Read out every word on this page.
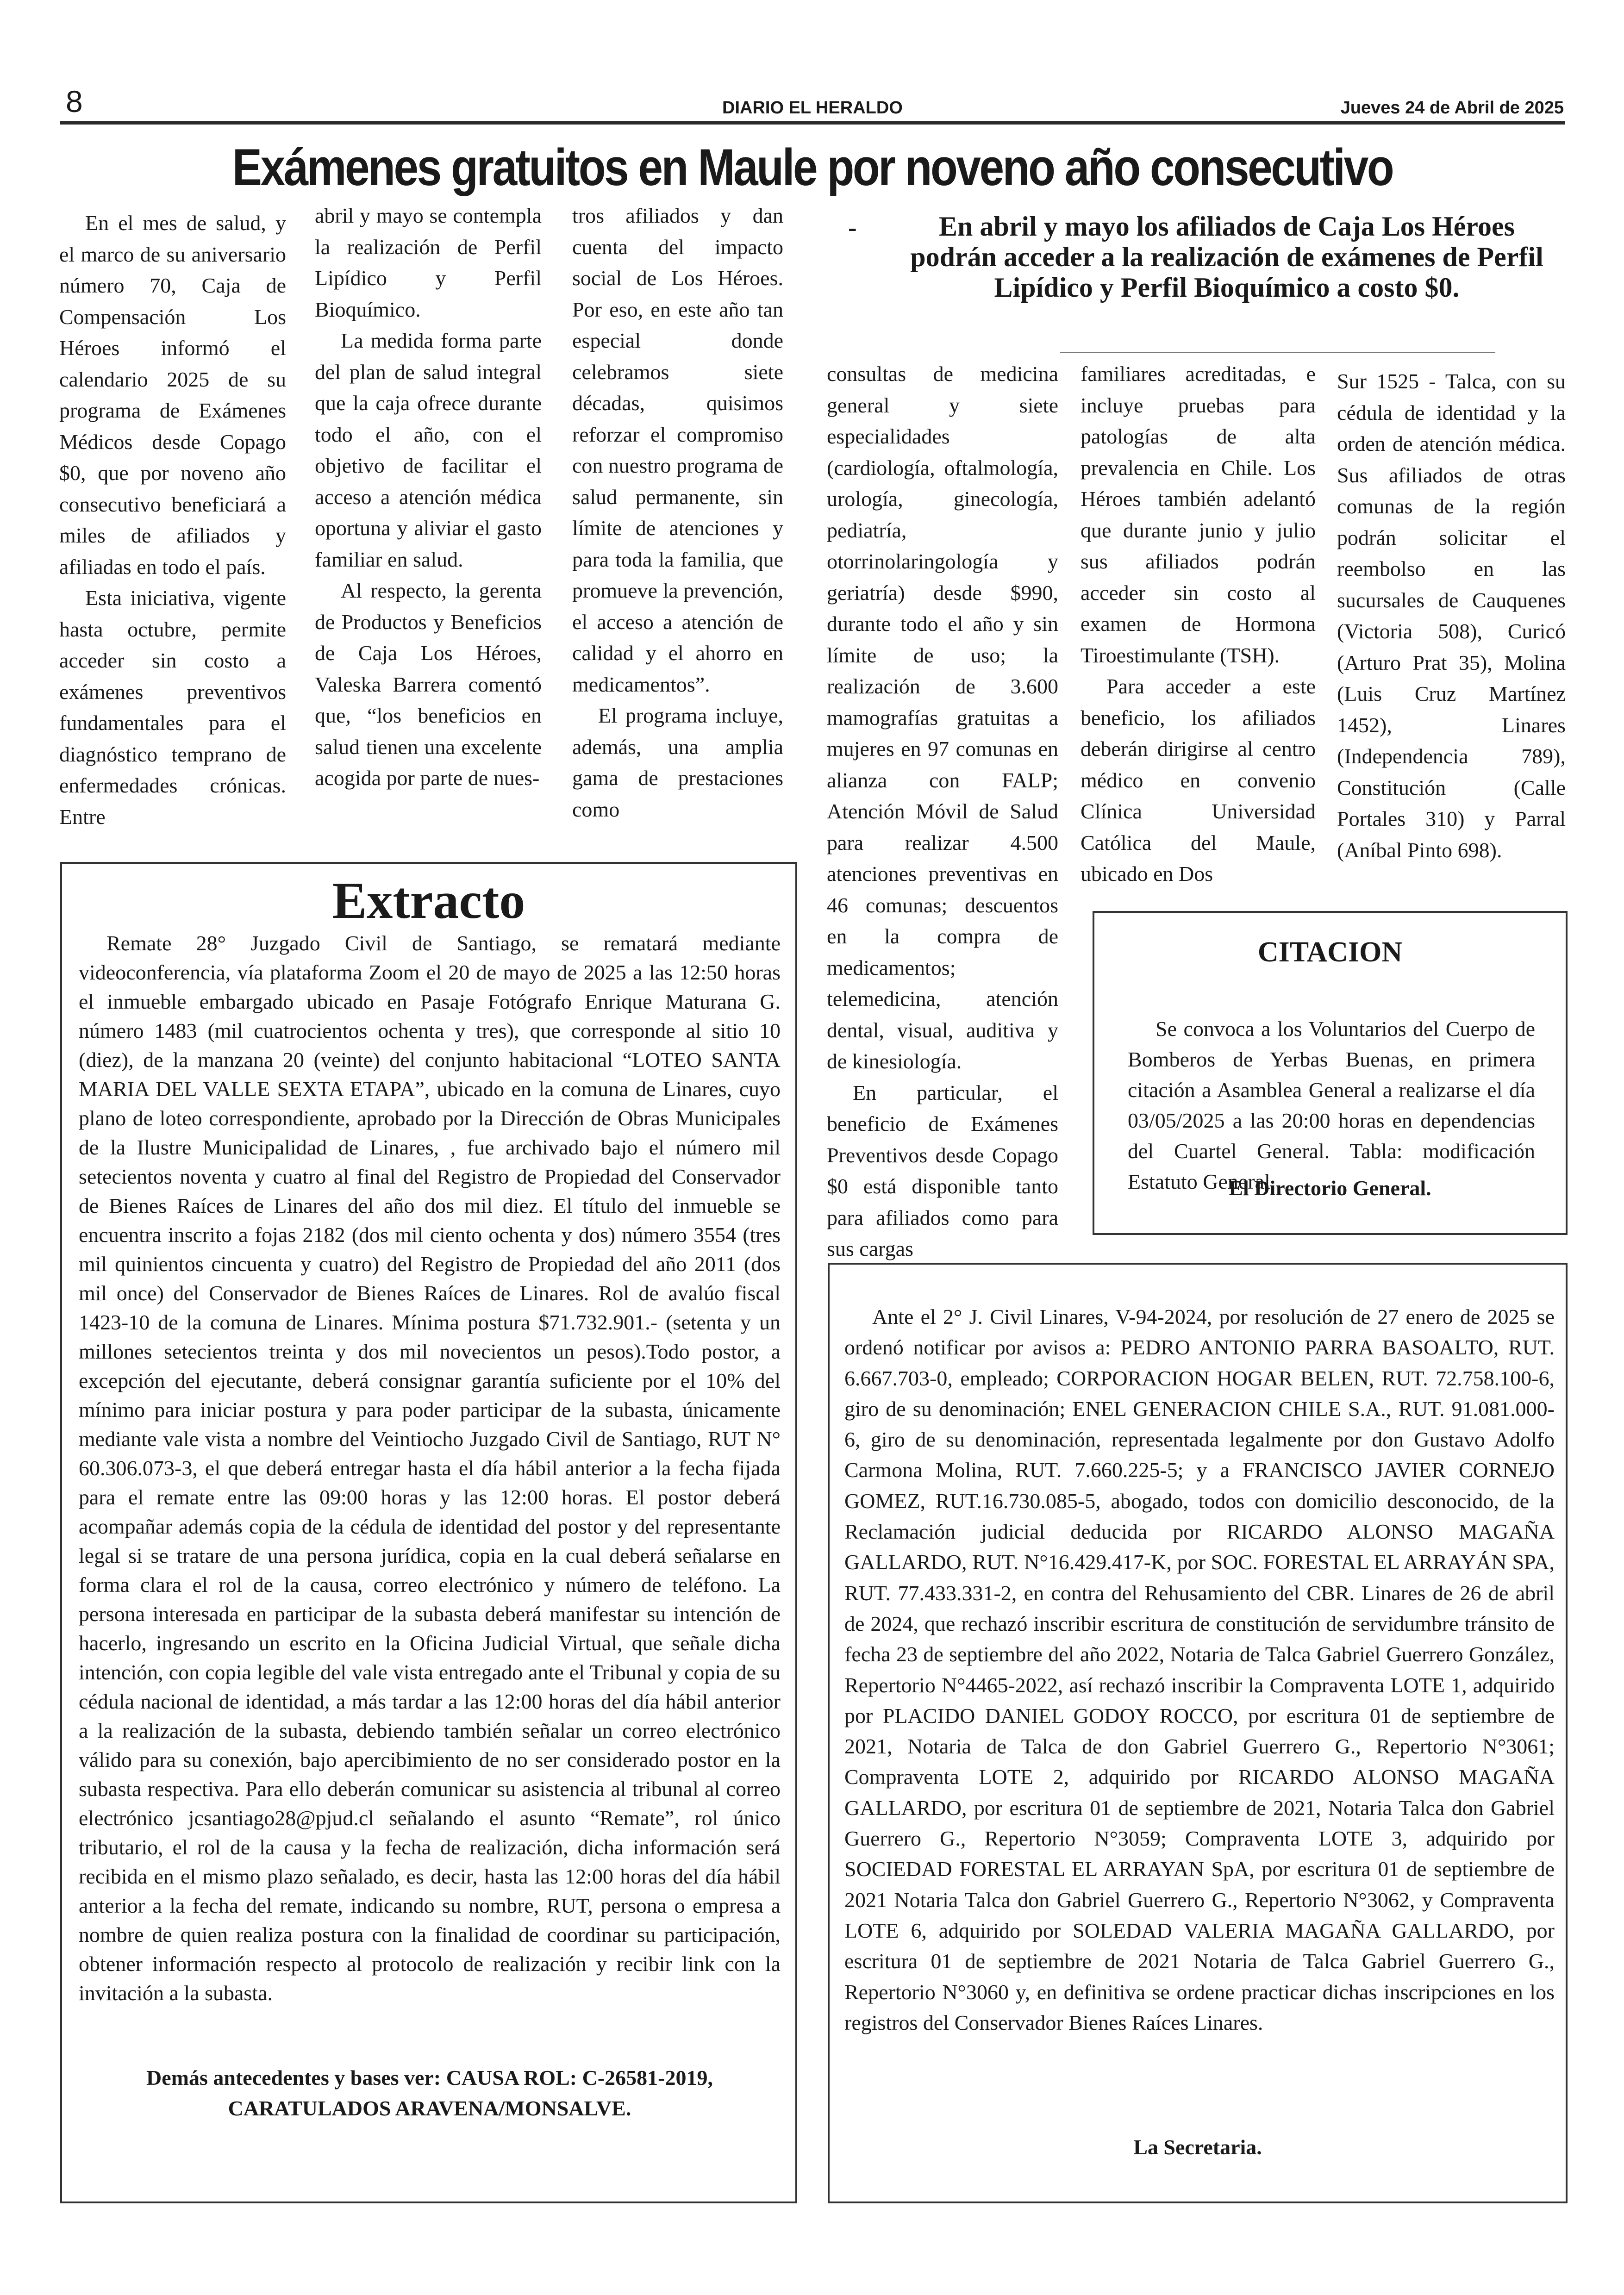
8	DIARIO EL HERALDO	Jueves 24 de Abril de 2025
Exámenes gratuitos en Maule por noveno año consecutivo

En el mes de salud, y el marco de su aniversario número 70, Caja de Compensación Los Héroes informó el calendario 2025 de su programa de Exámenes Médicos desde Copago $0, que por noveno año consecutivo beneficiará a miles de afiliados y afiliadas en todo el país.

Esta iniciativa, vigente hasta octubre, permite acceder sin costo a exámenes preventivos fundamentales para el diagnóstico temprano de enfermedades crónicas. Entre

abril y mayo se contempla la realización de Perfil Lipídico y Perfil Bioquímico.

La medida forma parte del plan de salud integral que la caja ofrece durante todo el año, con el objetivo de facilitar el acceso a atención médica oportuna y aliviar el gasto familiar en salud.

Al respecto, la gerenta de Productos y Beneficios de Caja Los Héroes, Valeska Barrera comentó que, “los beneficios en salud tienen una excelente acogida por parte de nues-

tros afiliados y dan cuenta del impacto social de Los Héroes. Por eso, en este año tan especial donde celebramos siete décadas, quisimos reforzar el compromiso con nuestro programa de salud permanente, sin límite de atenciones y para toda la familia, que promueve la prevención, el acceso a atención de calidad y el ahorro en medicamentos”.

El programa incluye, además, una amplia gama de prestaciones como

-	En abril y mayo los afiliados de Caja Los Héroes podrán acceder a la realización de exámenes de Perfil Lipídico y Perfil Bioquímico a costo $0.

consultas de medicina general y siete especialidades (cardiología, oftalmología, urología, ginecología, pediatría, otorrinolaringología y geriatría) desde $990, durante todo el año y sin límite de uso; la realización de 3.600 mamografías gratuitas a mujeres en 97 comunas en alianza con FALP; Atención Móvil de Salud para realizar 4.500 atenciones preventivas en 46 comunas; descuentos en la compra de medicamentos; telemedicina, atención dental, visual, auditiva y de kinesiología.

En particular, el beneficio de Exámenes Preventivos desde Copago $0 está disponible tanto para afiliados como para sus cargas

familiares acreditadas, e incluye pruebas para patologías de alta prevalencia en Chile. Los Héroes también adelantó que durante junio y julio sus afiliados podrán acceder sin costo al examen de Hormona Tiroestimulante (TSH).

Para acceder a este beneficio, los afiliados deberán dirigirse al centro médico en convenio Clínica Universidad Católica del Maule, ubicado en Dos

Sur 1525 - Talca, con su cédula de identidad y la orden de atención médica. Sus afiliados de otras comunas de la región podrán solicitar el reembolso en las sucursales de Cauquenes (Victoria 508), Curicó (Arturo Prat 35), Molina (Luis Cruz Martínez 1452), Linares (Independencia 789), Constitución (Calle Portales 310) y Parral (Aníbal Pinto 698).

Extracto

Remate 28° Juzgado Civil de Santiago, se rematará mediante videoconferencia, vía plataforma Zoom el 20 de mayo de 2025 a las 12:50 horas el inmueble embargado ubicado en Pasaje Fotógrafo Enrique Maturana G. número 1483 (mil cuatrocientos ochenta y tres), que corresponde al sitio 10 (diez), de la manzana 20 (veinte) del conjunto habitacional “LOTEO SANTA MARIA DEL VALLE SEXTA ETAPA”, ubicado en la comuna de Linares, cuyo plano de loteo correspondiente, aprobado por la Dirección de Obras Municipales de la Ilustre Municipalidad de Linares, , fue archivado bajo el número mil setecientos noventa y cuatro al final del Registro de Propiedad del Conservador de Bienes Raíces de Linares del año dos mil diez. El título del inmueble se encuentra inscrito a fojas 2182 (dos mil ciento ochenta y dos) número 3554 (tres mil quinientos cincuenta y cuatro) del Registro de Propiedad del año 2011 (dos mil once) del Conservador de Bienes Raíces de Linares. Rol de avalúo fiscal 1423-10 de la comuna de Linares. Mínima postura $71.732.901.- (setenta y un millones setecientos treinta y dos mil novecientos un pesos).Todo postor, a excepción del ejecutante, deberá consignar garantía suficiente por el 10% del mínimo para iniciar postura y para poder participar de la subasta, únicamente mediante vale vista a nombre del Veintiocho Juzgado Civil de Santiago, RUT N° 60.306.073-3, el que deberá entregar hasta el día hábil anterior a la fecha fijada para el remate entre las 09:00 horas y las 12:00 horas. El postor deberá acompañar además copia de la cédula de identidad del postor y del representante legal si se tratare de una persona jurídica, copia en la cual deberá señalarse en forma clara el rol de la causa, correo electrónico y número de teléfono. La persona interesada en participar de la subasta deberá manifestar su intención de hacerlo, ingresando un escrito en la Oficina Judicial Virtual, que señale dicha intención, con copia legible del vale vista entregado ante el Tribunal y copia de su cédula nacional de identidad, a más tardar a las 12:00 horas del día hábil anterior a la realización de la subasta, debiendo también señalar un correo electrónico válido para su conexión, bajo apercibimiento de no ser considerado postor en la subasta respectiva. Para ello deberán comunicar su asistencia al tribunal al correo electrónico jcsantiago28@pjud.cl señalando el asunto “Remate”, rol único tributario, el rol de la causa y la fecha de realización, dicha información será recibida en el mismo plazo señalado, es decir, hasta las 12:00 horas del día hábil anterior a la fecha del remate, indicando su nombre, RUT, persona o empresa a nombre de quien realiza postura con la finalidad de coordinar su participación, obtener información respecto al protocolo de realización y recibir link con la invitación a la subasta.

Demás antecedentes y bases ver: CAUSA ROL: C-26581-2019,
CARATULADOS ARAVENA/MONSALVE.
CITACION

Se convoca a los Voluntarios del Cuerpo de Bomberos de Yerbas Buenas, en primera citación a Asamblea General a realizarse el día 03/05/2025 a las 20:00 horas en dependencias del Cuartel General. Tabla: modificación Estatuto General.

El Directorio General.

Ante el 2° J. Civil Linares, V-94-2024, por resolución de 27 enero de 2025 se ordenó notificar por avisos a: PEDRO ANTONIO PARRA BASOALTO, RUT. 6.667.703-0, empleado; CORPORACION HOGAR BELEN, RUT. 72.758.100-6, giro de su denominación; ENEL GENERACION CHILE S.A., RUT. 91.081.000-6, giro de su denominación, representada legalmente por don Gustavo Adolfo Carmona Molina, RUT. 7.660.225-5; y a FRANCISCO JAVIER CORNEJO GOMEZ, RUT.16.730.085-5, abogado, todos con domicilio desconocido, de la Reclamación judicial deducida por RICARDO ALONSO MAGAÑA GALLARDO, RUT. N°16.429.417-K, por SOC. FORESTAL EL ARRAYÁN SPA, RUT. 77.433.331-2, en contra del Rehusamiento del CBR. Linares de 26 de abril de 2024, que rechazó inscribir escritura de constitución de servidumbre tránsito de fecha 23 de septiembre del año 2022, Notaria de Talca Gabriel Guerrero González, Repertorio N°4465-2022, así rechazó inscribir la Compraventa LOTE 1, adquirido por PLACIDO DANIEL GODOY ROCCO, por escritura 01 de septiembre de 2021, Notaria de Talca de don Gabriel Guerrero G., Repertorio N°3061; Compraventa LOTE 2, adquirido por RICARDO ALONSO MAGAÑA GALLARDO, por escritura 01 de septiembre de 2021, Notaria Talca don Gabriel Guerrero G., Repertorio N°3059; Compraventa LOTE 3, adquirido por SOCIEDAD FORESTAL EL ARRAYAN SpA, por escritura 01 de septiembre de 2021 Notaria Talca don Gabriel Guerrero G., Repertorio N°3062, y Compraventa LOTE 6, adquirido por SOLEDAD VALERIA MAGAÑA GALLARDO, por escritura 01 de septiembre de 2021 Notaria de Talca Gabriel Guerrero G., Repertorio N°3060 y, en definitiva se ordene practicar dichas inscripciones en los registros del Conservador Bienes Raíces Linares.

La Secretaria.
